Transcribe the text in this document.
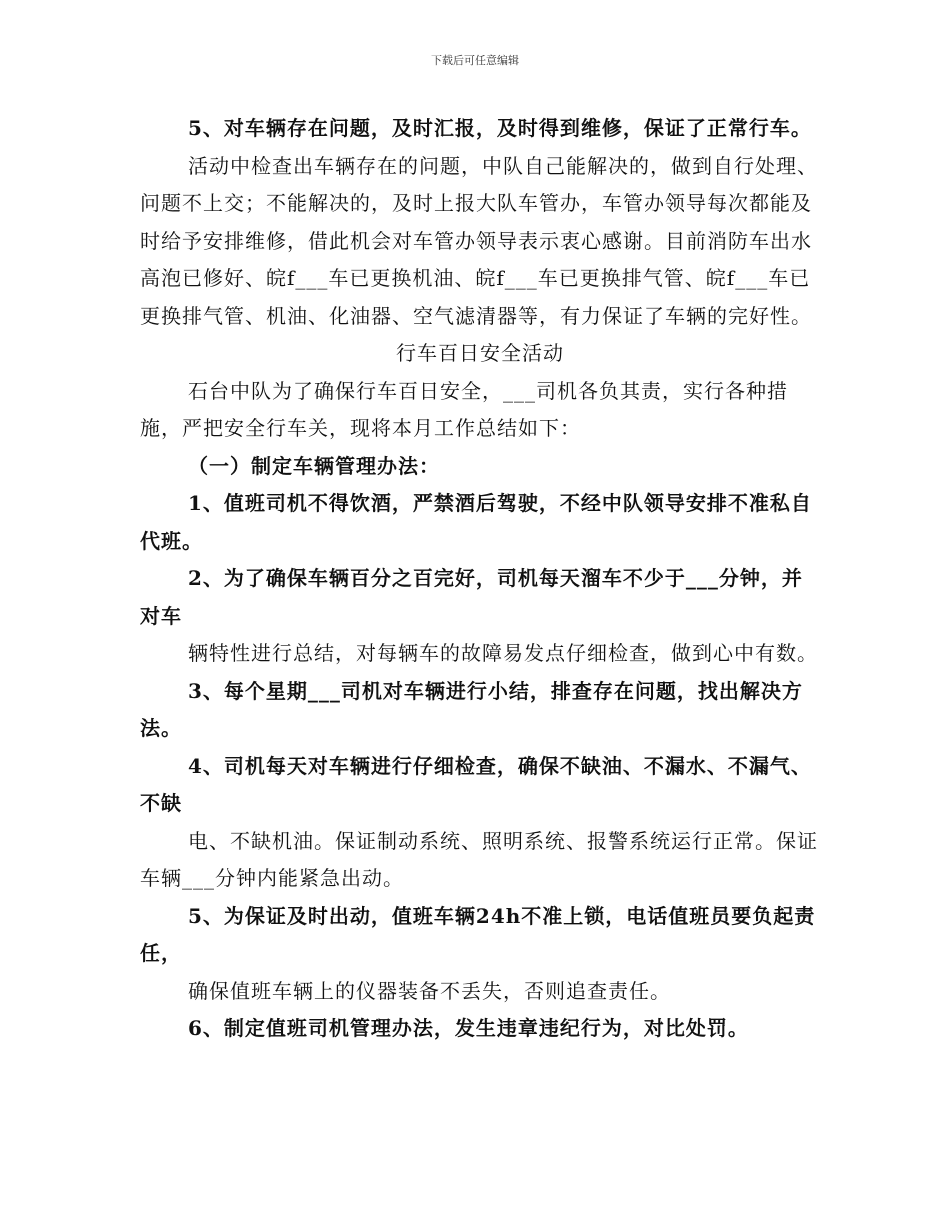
下载后可任意编辑

5、对车辆存在问题，及时汇报，及时得到维修，保证了正常行车。

活动中检查出车辆存在的问题，中队自己能解决的，做到自行处理、问题不上交；不能解决的，及时上报大队车管办，车管办领导每次都能及时给予安排维修，借此机会对车管办领导表示衷心感谢。目前消防车出水高泡已修好、皖f___车已更换机油、皖f___车已更换排气管、皖f___车已更换排气管、机油、化油器、空气滤清器等，有力保证了车辆的完好性。

行车百日安全活动

石台中队为了确保行车百日安全，___司机各负其责，实行各种措施，严把安全行车关，现将本月工作总结如下：

（一）制定车辆管理办法：

1、值班司机不得饮酒，严禁酒后驾驶，不经中队领导安排不准私自代班。

2、为了确保车辆百分之百完好，司机每天溜车不少于___分钟，并对车

辆特性进行总结，对每辆车的故障易发点仔细检查，做到心中有数。

3、每个星期___司机对车辆进行小结，排查存在问题，找出解决方法。

4、司机每天对车辆进行仔细检查，确保不缺油、不漏水、不漏气、不缺

电、不缺机油。保证制动系统、照明系统、报警系统运行正常。保证车辆___分钟内能紧急出动。

5、为保证及时出动，值班车辆24h不准上锁，电话值班员要负起责任，

确保值班车辆上的仪器装备不丢失，否则追查责任。

6、制定值班司机管理办法，发生违章违纪行为，对比处罚。
